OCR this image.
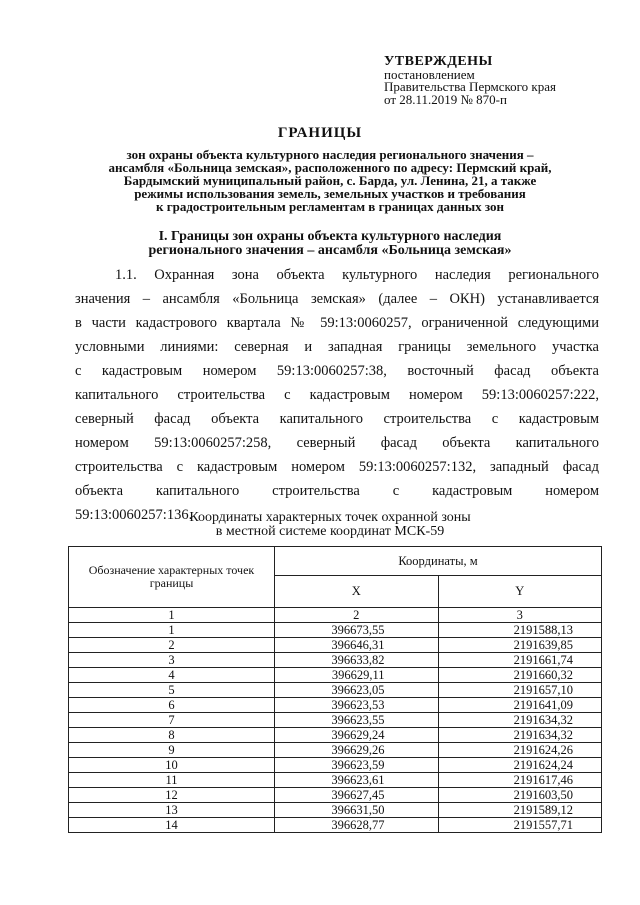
УТВЕРЖДЕНЫ
постановлением
Правительства Пермского края
от 28.11.2019 № 870-п
ГРАНИЦЫ
зон охраны объекта культурного наследия регионального значения –
ансамбля «Больница земская», расположенного по адресу: Пермский край,
Бардымский муниципальный район, с. Барда, ул. Ленина, 21, а также
режимы использования земель, земельных участков и требования
к градостроительным регламентам в границах данных зон
I. Границы зон охраны объекта культурного наследия
регионального значения – ансамбля «Больница земская»
1.1. Охранная зона объекта культурного наследия регионального
значения – ансамбля «Больница земская» (далее – ОКН) устанавливается
в части кадастрового квартала № 59:13:0060257, ограниченной следующими
условными линиями: северная и западная границы земельного участка
с кадастровым номером 59:13:0060257:38, восточный фасад объекта
капитального строительства с кадастровым номером 59:13:0060257:222,
северный фасад объекта капитального строительства с кадастровым
номером 59:13:0060257:258, северный фасад объекта капитального
строительства с кадастровым номером 59:13:0060257:132, западный фасад
объекта капитального строительства с кадастровым номером
59:13:0060257:136.
Координаты характерных точек охранной зоны
в местной системе координат МСК-59
Обозначение характерных точек границы	Координаты, м	
	X	Y
1	2	3
1	396673,55	2191588,13
2	396646,31	2191639,85
3	396633,82	2191661,74
4	396629,11	2191660,32
5	396623,05	2191657,10
6	396623,53	2191641,09
7	396623,55	2191634,32
8	396629,24	2191634,32
9	396629,26	2191624,26
10	396623,59	2191624,24
11	396623,61	2191617,46
12	396627,45	2191603,50
13	396631,50	2191589,12
14	396628,77	2191557,71
